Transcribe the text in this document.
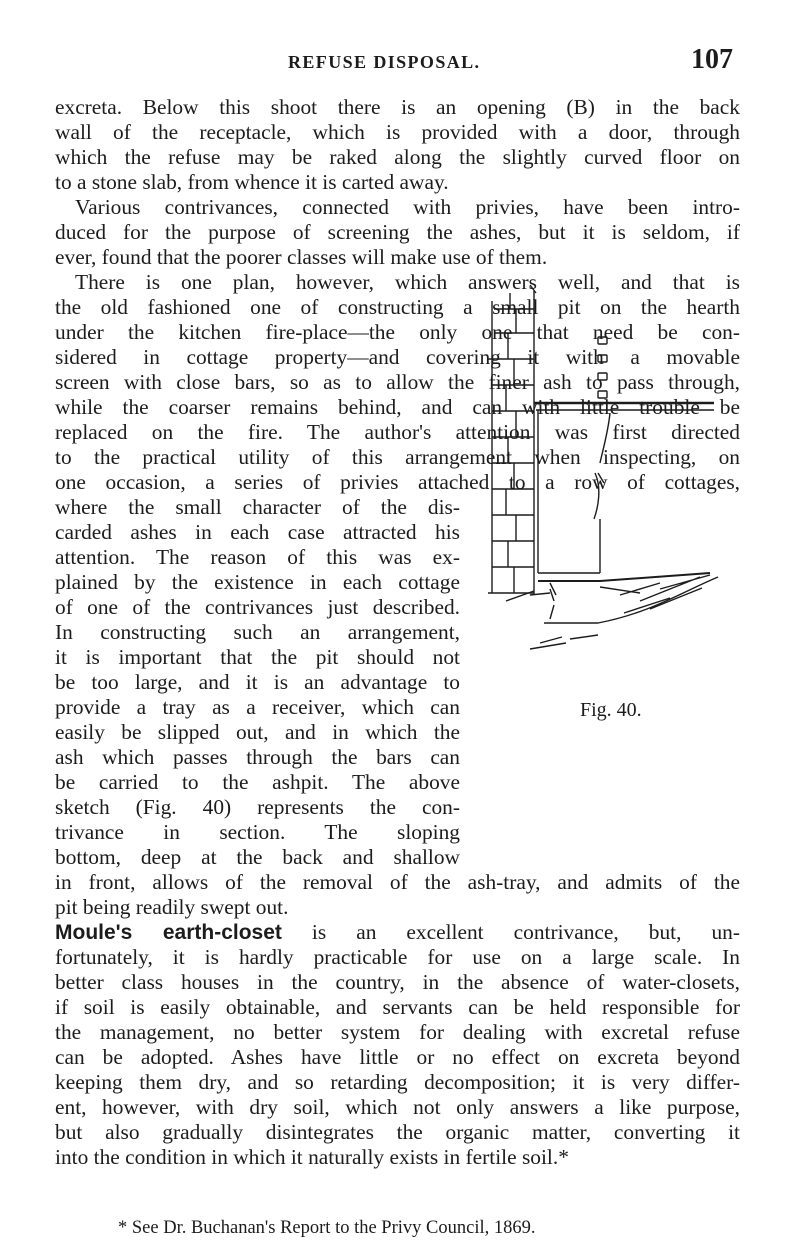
REFUSE DISPOSAL.	107
excreta. Below this shoot there is an opening (B) in the back
wall of the receptacle, which is provided with a door, through
which the refuse may be raked along the slightly curved floor on
to a stone slab, from whence it is carted away.
Various contrivances, connected with privies, have been intro-
duced for the purpose of screening the ashes, but it is seldom, if
ever, found that the poorer classes will make use of them.
There is one plan, however, which answers well, and that is
the old fashioned one of constructing a small pit on the hearth
under the kitchen fire-place—the only one that need be con-
sidered in cottage property—and covering it with a movable
screen with close bars, so as to allow the finer ash to pass through,
while the coarser remains behind, and can with little trouble be
replaced on the fire. The author's attention was first directed
to the practical utility of this arrangement when inspecting, on
one occasion, a series of privies attached to a row of cottages,
where the small character of the dis-
carded ashes in each case attracted his
attention. The reason of this was ex-
plained by the existence in each cottage
of one of the contrivances just described.
In constructing such an arrangement,
it is important that the pit should not
be too large, and it is an advantage to
provide a tray as a receiver, which can
easily be slipped out, and in which the
ash which passes through the bars can
be carried to the ashpit. The above
sketch (Fig. 40) represents the con-
trivance in section. The sloping
bottom, deep at the back and shallow
in front, allows of the removal of the ash-tray, and admits of the
pit being readily swept out.
Moule's earth-closet is an excellent contrivance, but, un-
fortunately, it is hardly practicable for use on a large scale. In
better class houses in the country, in the absence of water-closets,
if soil is easily obtainable, and servants can be held responsible for
the management, no better system for dealing with excretal refuse
can be adopted. Ashes have little or no effect on excreta beyond
keeping them dry, and so retarding decomposition; it is very differ-
ent, however, with dry soil, which not only answers a like purpose,
but also gradually disintegrates the organic matter, converting it
into the condition in which it naturally exists in fertile soil.*
* See Dr. Buchanan's Report to the Privy Council, 1869.
Fig. 40.
